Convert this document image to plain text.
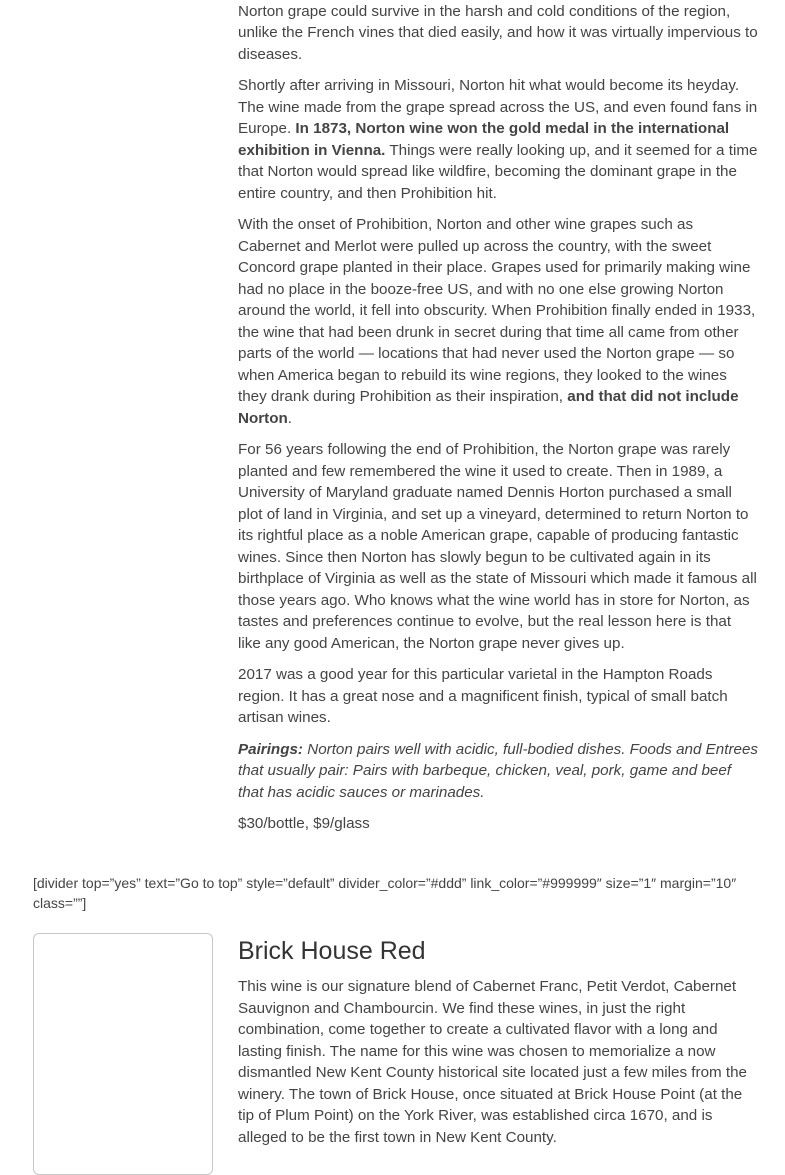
Norton grape could survive in the harsh and cold conditions of the region, unlike the French vines that died easily, and how it was virtually impervious to diseases.

Shortly after arriving in Missouri, Norton hit what would become its heyday. The wine made from the grape spread across the US, and even found fans in Europe. In 1873, Norton wine won the gold medal in the international exhibition in Vienna. Things were really looking up, and it seemed for a time that Norton would spread like wildfire, becoming the dominant grape in the entire country, and then Prohibition hit.

With the onset of Prohibition, Norton and other wine grapes such as Cabernet and Merlot were pulled up across the country, with the sweet Concord grape planted in their place. Grapes used for primarily making wine had no place in the booze-free US, and with no one else growing Norton around the world, it fell into obscurity. When Prohibition finally ended in 1933, the wine that had been drunk in secret during that time all came from other parts of the world — locations that had never used the Norton grape — so when America began to rebuild its wine regions, they looked to the wines they drank during Prohibition as their inspiration, and that did not include Norton.

For 56 years following the end of Prohibition, the Norton grape was rarely planted and few remembered the wine it used to create. Then in 1989, a University of Maryland graduate named Dennis Horton purchased a small plot of land in Virginia, and set up a vineyard, determined to return Norton to its rightful place as a noble American grape, capable of producing fantastic wines. Since then Norton has slowly begun to be cultivated again in its birthplace of Virginia as well as the state of Missouri which made it famous all those years ago. Who knows what the wine world has in store for Norton, as tastes and preferences continue to evolve, but the real lesson here is that like any good American, the Norton grape never gives up.

2017 was a good year for this particular varietal in the Hampton Roads region. It has a great nose and a magnificent finish, typical of small batch artisan wines.

Pairings: Norton pairs well with acidic, full-bodied dishes. Foods and Entrees that usually pair: Pairs with barbeque, chicken, veal, pork, game and beef that has acidic sauces or marinades.

$30/bottle, $9/glass

[divider top=”yes” text=”Go to top” style=”default” divider_color=”#ddd” link_color=”#999999″ size=”1″ margin=”10″ class=””]
Brick House Red

This wine is our signature blend of Cabernet Franc, Petit Verdot, Cabernet Sauvignon and Chambourcin. We find these wines, in just the right combination, come together to create a cultivated flavor with a long and lasting finish. The name for this wine was chosen to memorialize a now dismantled New Kent County historical site located just a few miles from the winery. The town of Brick House, once situated at Brick House Point (at the tip of Plum Point) on the York River, was established circa 1670, and is alleged to be the first town in New Kent County.
